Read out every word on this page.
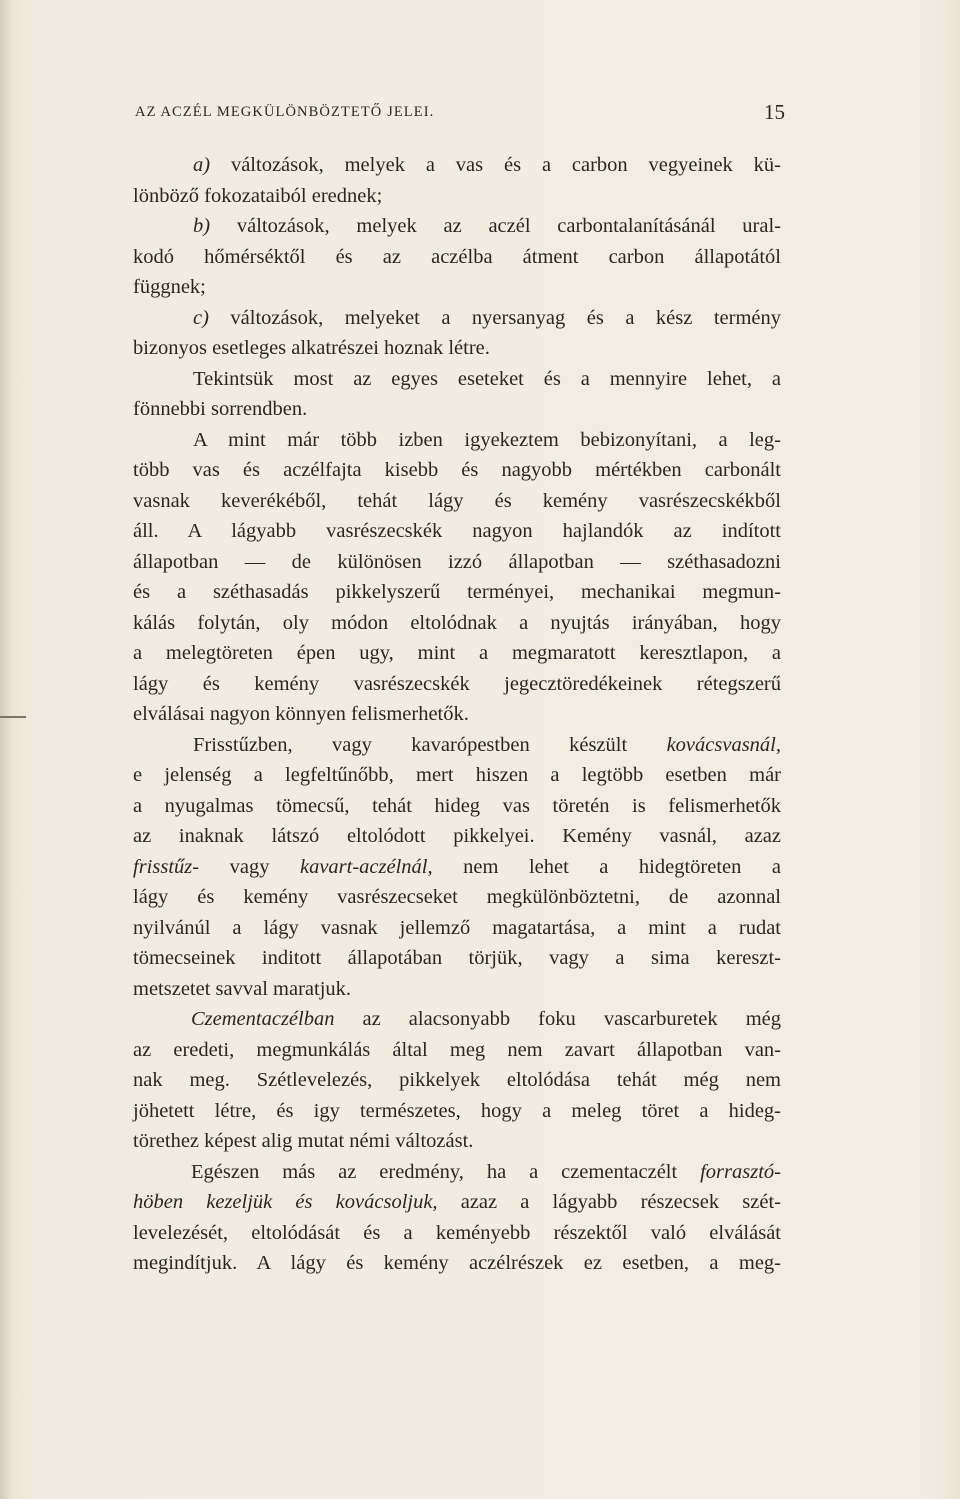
AZ ACZÉL MEGKÜLÖNBÖZTETŐ JELEI.	15
a) változások, melyek a vas és a carbon vegyeinek kü-
lönböző fokozataiból erednek;
b) változások, melyek az aczél carbontalanításánál ural-
kodó hőmérséktől és az aczélba átment carbon állapotától
függnek;
c) változások, melyeket a nyersanyag és a kész termény
bizonyos esetleges alkatrészei hoznak létre.
Tekintsük most az egyes eseteket és a mennyire lehet, a
fönnebbi sorrendben.
A mint már több izben igyekeztem bebizonyítani, a leg-
több vas és aczélfajta kisebb és nagyobb mértékben carbonált
vasnak keverékéből, tehát lágy és kemény vasrészecskékből
áll. A lágyabb vasrészecskék nagyon hajlandók az indított
állapotban — de különösen izzó állapotban — széthasadozni
és a széthasadás pikkelyszerű terményei, mechanikai megmun-
kálás folytán, oly módon eltolódnak a nyujtás irányában, hogy
a melegtöreten épen ugy, mint a megmaratott keresztlapon, a
lágy és kemény vasrészecskék jegecztöredékeinek rétegszerű
elválásai nagyon könnyen felismerhetők.
Frisstűzben, vagy kavarópestben készült kovácsvasnál,
e jelenség a legfeltűnőbb, mert hiszen a legtöbb esetben már
a nyugalmas tömecsű, tehát hideg vas töretén is felismerhetők
az inaknak látszó eltolódott pikkelyei. Kemény vasnál, azaz
frisstűz- vagy kavart-aczélnál, nem lehet a hidegtöreten a
lágy és kemény vasrészecseket megkülönböztetni, de azonnal
nyilvánúl a lágy vasnak jellemző magatartása, a mint a rudat
tömecseinek inditott állapotában törjük, vagy a sima kereszt-
metszetet savval maratjuk.
Czementaczélban az alacsonyabb foku vascarburetek még
az eredeti, megmunkálás által meg nem zavart állapotban van-
nak meg. Szétlevelezés, pikkelyek eltolódása tehát még nem
jöhetett létre, és igy természetes, hogy a meleg töret a hideg-
törethez képest alig mutat némi változást.
Egészen más az eredmény, ha a czementaczélt forrasztó-
höben kezeljük és kovácsoljuk, azaz a lágyabb részecsek szét-
levelezését, eltolódását és a keményebb részektől való elválását
megindítjuk. A lágy és kemény aczélrészek ez esetben, a meg-
